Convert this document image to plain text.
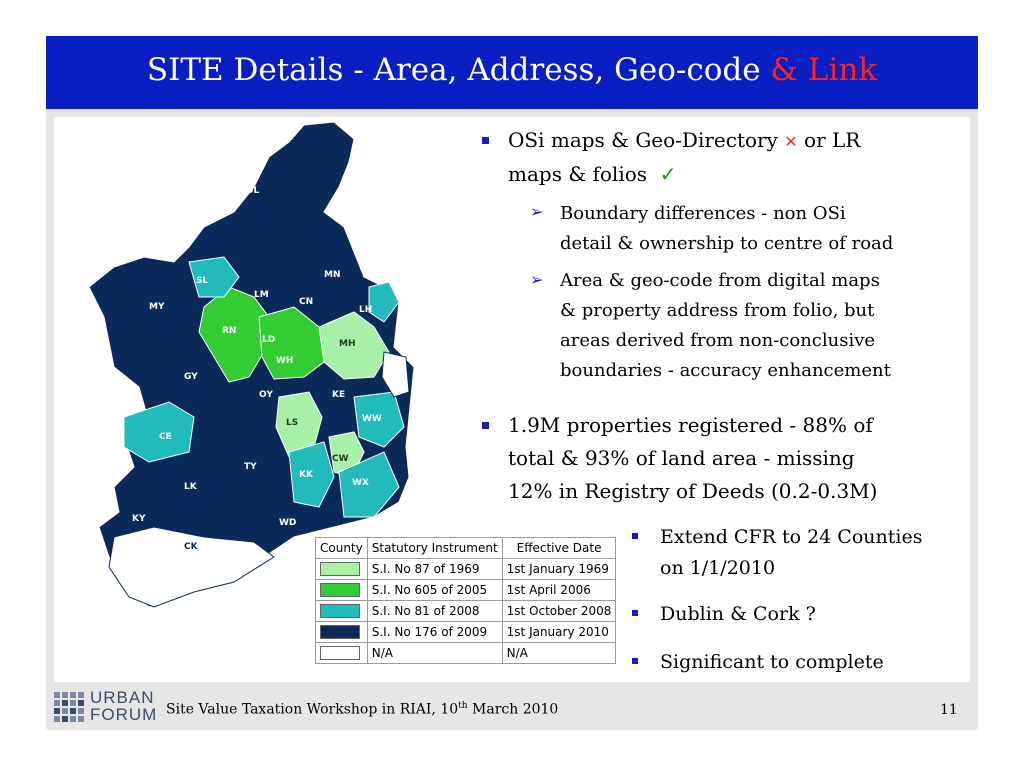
SITE Details - Area, Address, Geo-code & Link
DL
SL
MN
LM
CN
MY	LH
RN
LD	MH
WH
DN
GY
OY	KE
LS	WW
CE
CW
KK
TY
WX
LK
KY	WD
CK
OSi maps & Geo-Directory ✕ or LR
maps & folios ✓
➢ Boundary differences - non OSi
detail & ownership to centre of road
➢ Area & geo-code from digital maps
& property address from folio, but
areas derived from non-conclusive
boundaries - accuracy enhancement
1.9M properties registered - 88% of
total & 93% of land area - missing
12% in Registry of Deeds (0.2-0.3M)
Extend CFR to 24 Counties
on 1/1/2010
Dublin & Cork ?
Significant to complete
County	Statutory Instrument	Effective Date
	S.I. No 87 of 1969	1st January 1969
	S.I. No 605 of 2005	1st April 2006
	S.I. No 81 of 2008	1st October 2008
	S.I. No 176 of 2009	1st January 2010
	N/A	N/A
URBAN
FORUM Site Value Taxation Workshop in RIAI, 10th March 2010	11
